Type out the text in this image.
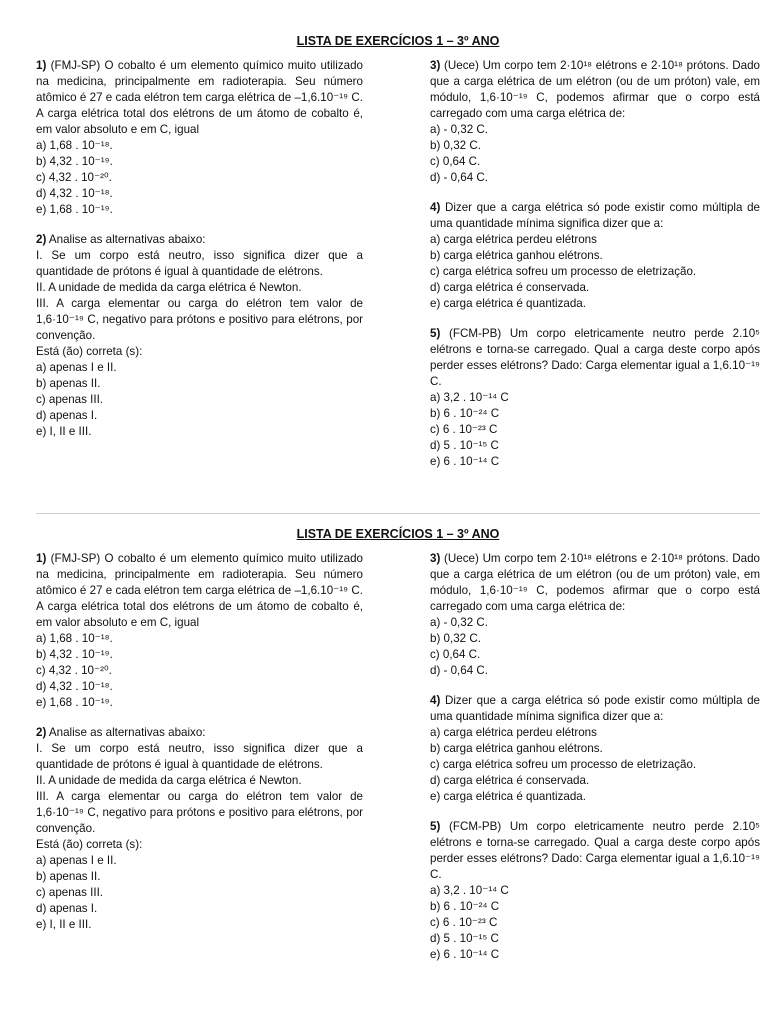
LISTA DE EXERCÍCIOS 1 – 3º ANO

1) (FMJ-SP) O cobalto é um elemento químico muito utilizado na medicina, principalmente em radioterapia. Seu número atômico é 27 e cada elétron tem carga elétrica de –1,6.10⁻¹⁹ C. A carga elétrica total dos elétrons de um átomo de cobalto é, em valor absoluto e em C, igual

a) 1,68 . 10⁻¹⁸.
b) 4,32 . 10⁻¹⁹.
c) 4,32 . 10⁻²⁰.
d) 4,32 . 10⁻¹⁸.
e) 1,68 . 10⁻¹⁹.

2) Analise as alternativas abaixo:

I. Se um corpo está neutro, isso significa dizer que a quantidade de prótons é igual à quantidade de elétrons.

II. A unidade de medida da carga elétrica é Newton.

III. A carga elementar ou carga do elétron tem valor de 1,6·10⁻¹⁹ C, negativo para prótons e positivo para elétrons, por convenção.

Está (ão) correta (s):

a) apenas I e II.
b) apenas II.
c) apenas III.
d) apenas I.
e) I, II e III.

3) (Uece) Um corpo tem 2·10¹⁸ elétrons e 2·10¹⁸ prótons. Dado que a carga elétrica de um elétron (ou de um próton) vale, em módulo, 1,6·10⁻¹⁹ C, podemos afirmar que o corpo está carregado com uma carga elétrica de:

a) - 0,32 C.
b) 0,32 C.
c) 0,64 C.
d) - 0,64 C.

4) Dizer que a carga elétrica só pode existir como múltipla de uma quantidade mínima significa dizer que a:

a) carga elétrica perdeu elétrons
b) carga elétrica ganhou elétrons.
c) carga elétrica sofreu um processo de eletrização.
d) carga elétrica é conservada.
e) carga elétrica é quantizada.

5) (FCM-PB) Um corpo eletricamente neutro perde 2.10⁵ elétrons e torna-se carregado. Qual a carga deste corpo após perder esses elétrons? Dado: Carga elementar igual a 1,6.10⁻¹⁹ C.

a) 3,2 . 10⁻¹⁴ C
b) 6 . 10⁻²⁴ C
c) 6 . 10⁻²³ C
d) 5 . 10⁻¹⁵ C
e) 6 . 10⁻¹⁴ C
LISTA DE EXERCÍCIOS 1 – 3º ANO

1) (FMJ-SP) O cobalto é um elemento químico muito utilizado na medicina, principalmente em radioterapia. Seu número atômico é 27 e cada elétron tem carga elétrica de –1,6.10⁻¹⁹ C. A carga elétrica total dos elétrons de um átomo de cobalto é, em valor absoluto e em C, igual

a) 1,68 . 10⁻¹⁸.
b) 4,32 . 10⁻¹⁹.
c) 4,32 . 10⁻²⁰.
d) 4,32 . 10⁻¹⁸.
e) 1,68 . 10⁻¹⁹.

2) Analise as alternativas abaixo:

I. Se um corpo está neutro, isso significa dizer que a quantidade de prótons é igual à quantidade de elétrons.

II. A unidade de medida da carga elétrica é Newton.

III. A carga elementar ou carga do elétron tem valor de 1,6·10⁻¹⁹ C, negativo para prótons e positivo para elétrons, por convenção.

Está (ão) correta (s):

a) apenas I e II.
b) apenas II.
c) apenas III.
d) apenas I.
e) I, II e III.

3) (Uece) Um corpo tem 2·10¹⁸ elétrons e 2·10¹⁸ prótons. Dado que a carga elétrica de um elétron (ou de um próton) vale, em módulo, 1,6·10⁻¹⁹ C, podemos afirmar que o corpo está carregado com uma carga elétrica de:

a) - 0,32 C.
b) 0,32 C.
c) 0,64 C.
d) - 0,64 C.

4) Dizer que a carga elétrica só pode existir como múltipla de uma quantidade mínima significa dizer que a:

a) carga elétrica perdeu elétrons
b) carga elétrica ganhou elétrons.
c) carga elétrica sofreu um processo de eletrização.
d) carga elétrica é conservada.
e) carga elétrica é quantizada.

5) (FCM-PB) Um corpo eletricamente neutro perde 2.10⁵ elétrons e torna-se carregado. Qual a carga deste corpo após perder esses elétrons? Dado: Carga elementar igual a 1,6.10⁻¹⁹ C.

a) 3,2 . 10⁻¹⁴ C
b) 6 . 10⁻²⁴ C
c) 6 . 10⁻²³ C
d) 5 . 10⁻¹⁵ C
e) 6 . 10⁻¹⁴ C
